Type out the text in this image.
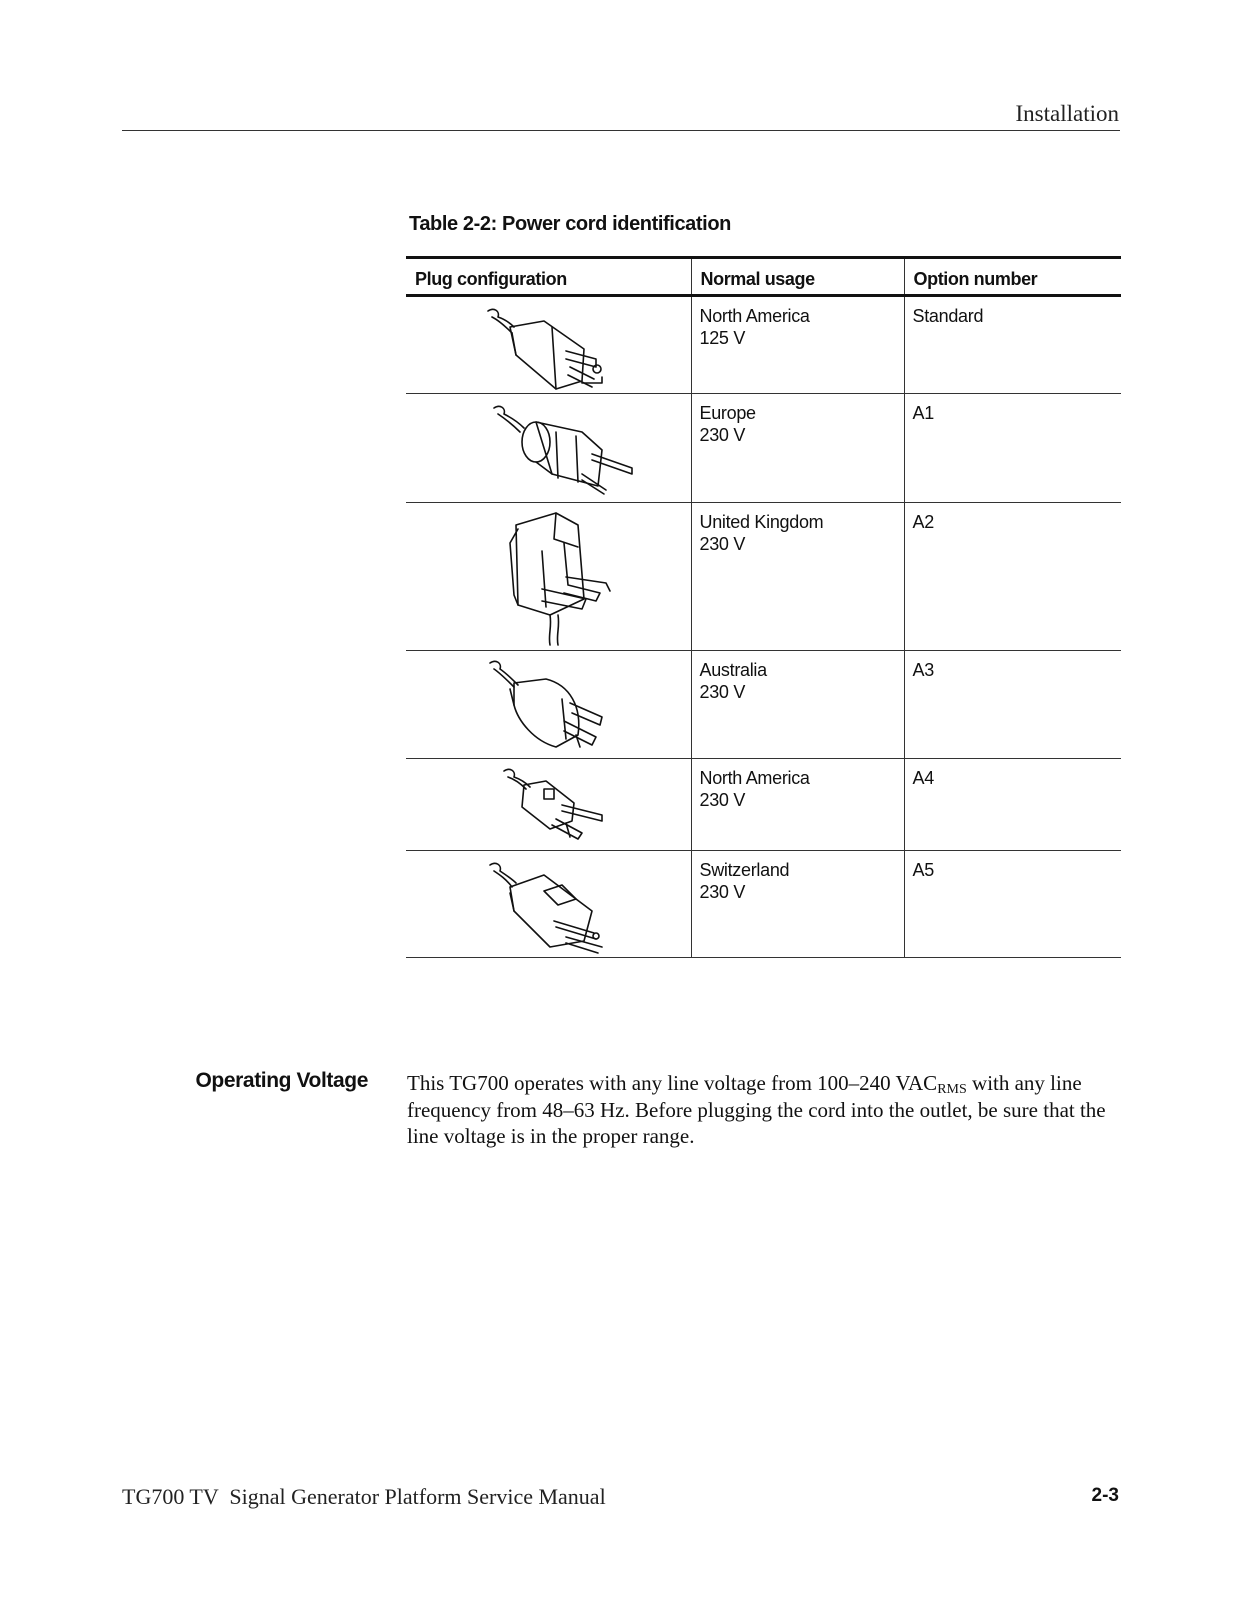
Installation
Table 2-2: Power cord identification
Plug configuration	Normal usage	Option number

North America
125 V	Standard

Europe
230 V	A1

United Kingdom
230 V	A2

Australia
230 V	A3

North America
230 V	A4

Switzerland
230 V	A5
Operating Voltage This TG700 operates with any line voltage from 100–240 $VAC_{RMS}$ with any line frequency from 48–63 Hz. Before plugging the cord into the outlet, be sure that the line voltage is in the proper range.
TG700 TV  Signal Generator Platform Service Manual	2-3
